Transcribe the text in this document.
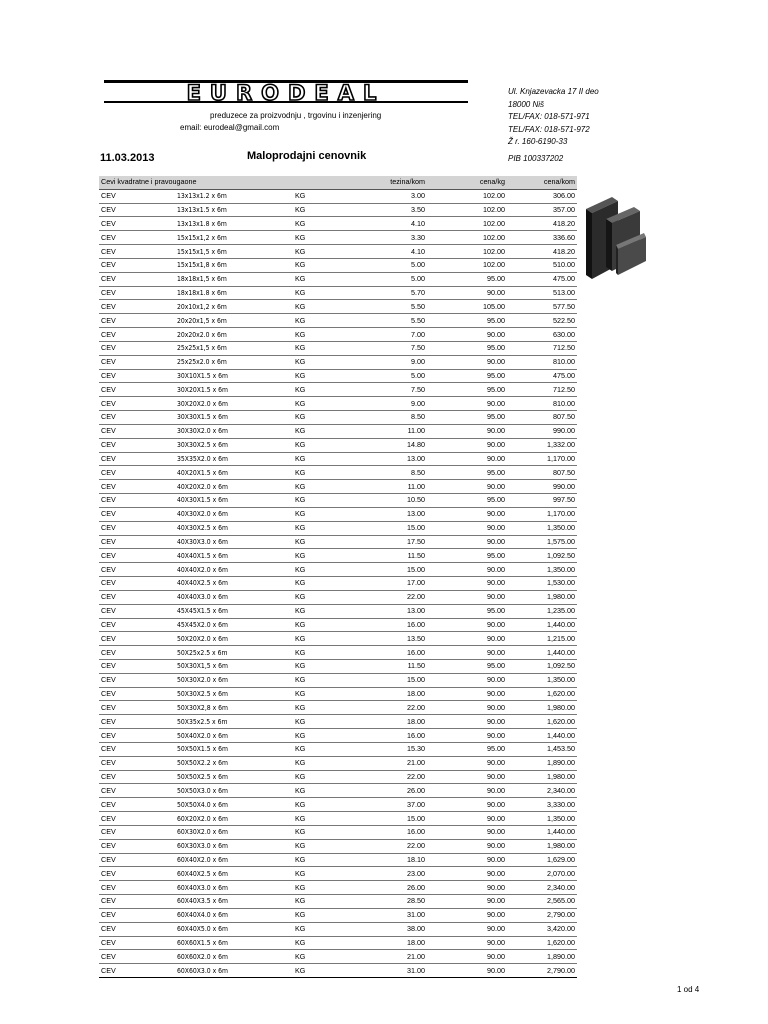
EURODEAL
preduzece za proizvodnju , trgovinu i inzenjering
email: eurodeal@gmail.com
11.03.2013	Maloprodajni cenovnik
Ul. Knjazevacka 17 II deo
18000 Niš
TEL/FAX: 018-571-971
TEL/FAX: 018-571-972
Ž r. 160-6190-33
PIB 100337202
Cevi kvadratne i pravougaone			tezina/kom	cena/kg	cena/kom
CEV	13x13x1.2 x 6m	KG	3.00	102.00	306.00
CEV	13x13x1.5 x 6m	KG	3.50	102.00	357.00
CEV	13x13x1.8 x 6m	KG	4.10	102.00	418.20
CEV	15x15x1,2 x 6m	KG	3.30	102.00	336.60
CEV	15x15x1,5 x 6m	KG	4.10	102.00	418.20
CEV	15x15x1,8 x 6m	KG	5.00	102.00	510.00
CEV	18x18x1,5 x 6m	KG	5.00	95.00	475.00
CEV	18x18x1.8 x 6m	KG	5.70	90.00	513.00
CEV	20x10x1,2 x 6m	KG	5.50	105.00	577.50
CEV	20x20x1,5 x 6m	KG	5.50	95.00	522.50
CEV	20x20x2.0 x 6m	KG	7.00	90.00	630.00
CEV	25x25x1,5 x 6m	KG	7.50	95.00	712.50
CEV	25x25x2.0 x 6m	KG	9.00	90.00	810.00
CEV	30X10X1.5 x 6m	KG	5.00	95.00	475.00
CEV	30X20X1.5 x 6m	KG	7.50	95.00	712.50
CEV	30X20X2.0 x 6m	KG	9.00	90.00	810.00
CEV	30X30X1.5 x 6m	KG	8.50	95.00	807.50
CEV	30X30X2.0 x 6m	KG	11.00	90.00	990.00
CEV	30X30X2.5 x 6m	KG	14.80	90.00	1,332.00
CEV	35X35X2.0 x 6m	KG	13.00	90.00	1,170.00
CEV	40X20X1.5 x 6m	KG	8.50	95.00	807.50
CEV	40X20X2.0 x 6m	KG	11.00	90.00	990.00
CEV	40X30X1.5 x 6m	KG	10.50	95.00	997.50
CEV	40X30X2.0 x 6m	KG	13.00	90.00	1,170.00
CEV	40X30X2.5 x 6m	KG	15.00	90.00	1,350.00
CEV	40X30X3.0 x 6m	KG	17.50	90.00	1,575.00
CEV	40X40X1.5 x 6m	KG	11.50	95.00	1,092.50
CEV	40X40X2.0 x 6m	KG	15.00	90.00	1,350.00
CEV	40X40X2.5 x 6m	KG	17.00	90.00	1,530.00
CEV	40X40X3.0 x 6m	KG	22.00	90.00	1,980.00
CEV	45X45X1.5 x 6m	KG	13.00	95.00	1,235.00
CEV	45X45X2.0 x 6m	KG	16.00	90.00	1,440.00
CEV	50X20X2.0 x 6m	KG	13.50	90.00	1,215.00
CEV	50X25x2.5 x 6m	KG	16.00	90.00	1,440.00
CEV	50X30X1,5 x 6m	KG	11.50	95.00	1,092.50
CEV	50X30X2.0 x 6m	KG	15.00	90.00	1,350.00
CEV	50X30X2.5 x 6m	KG	18.00	90.00	1,620.00
CEV	50X30X2,8 x 6m	KG	22.00	90.00	1,980.00
CEV	50X35x2.5 x 6m	KG	18.00	90.00	1,620.00
CEV	50X40X2.0 x 6m	KG	16.00	90.00	1,440.00
CEV	50X50X1.5 x 6m	KG	15.30	95.00	1,453.50
CEV	50X50X2.2 x 6m	KG	21.00	90.00	1,890.00
CEV	50X50X2.5 x 6m	KG	22.00	90.00	1,980.00
CEV	50X50X3.0 x 6m	KG	26.00	90.00	2,340.00
CEV	50X50X4.0 x 6m	KG	37.00	90.00	3,330.00
CEV	60X20X2.0 x 6m	KG	15.00	90.00	1,350.00
CEV	60X30X2.0 x 6m	KG	16.00	90.00	1,440.00
CEV	60X30X3.0 x 6m	KG	22.00	90.00	1,980.00
CEV	60X40X2.0 x 6m	KG	18.10	90.00	1,629.00
CEV	60X40X2.5 x 6m	KG	23.00	90.00	2,070.00
CEV	60X40X3.0 x 6m	KG	26.00	90.00	2,340.00
CEV	60X40X3.5 x 6m	KG	28.50	90.00	2,565.00
CEV	60X40X4.0 x 6m	KG	31.00	90.00	2,790.00
CEV	60X40X5.0 x 6m	KG	38.00	90.00	3,420.00
CEV	60X60X1.5 x 6m	KG	18.00	90.00	1,620.00
CEV	60X60X2.0 x 6m	KG	21.00	90.00	1,890.00
CEV	60X60X3.0 x 6m	KG	31.00	90.00	2,790.00
1 od 4
